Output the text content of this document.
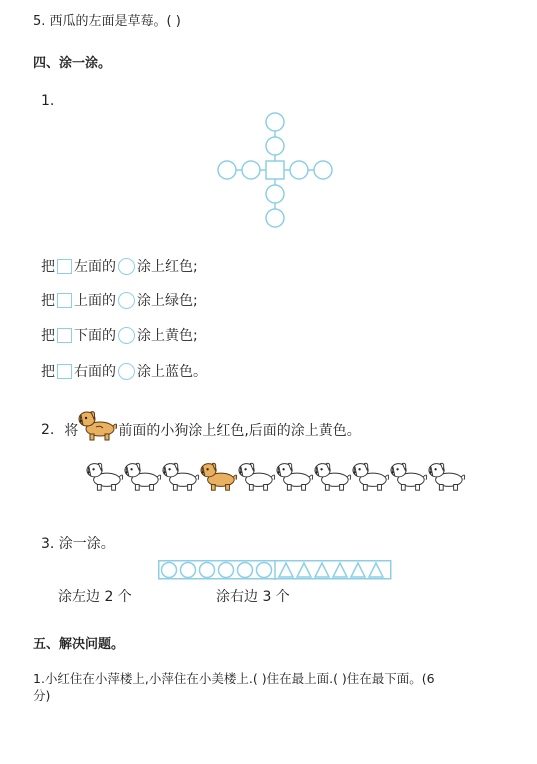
5. 西瓜的左面是草莓。( )
四、涂一涂。
1.
把 左面的 涂上红色;
把 上面的 涂上绿色;
把 下面的 涂上黄色;
把 右面的 涂上蓝色。
2. 将	前面的小狗涂上红色,后面的涂上黄色。
3. 涂一涂。
涂左边 2 个	涂右边 3 个
五、解决问题。
1.小红住在小萍楼上,小萍住在小美楼上.( )住在最上面.( )住在最下面。(6
分)
